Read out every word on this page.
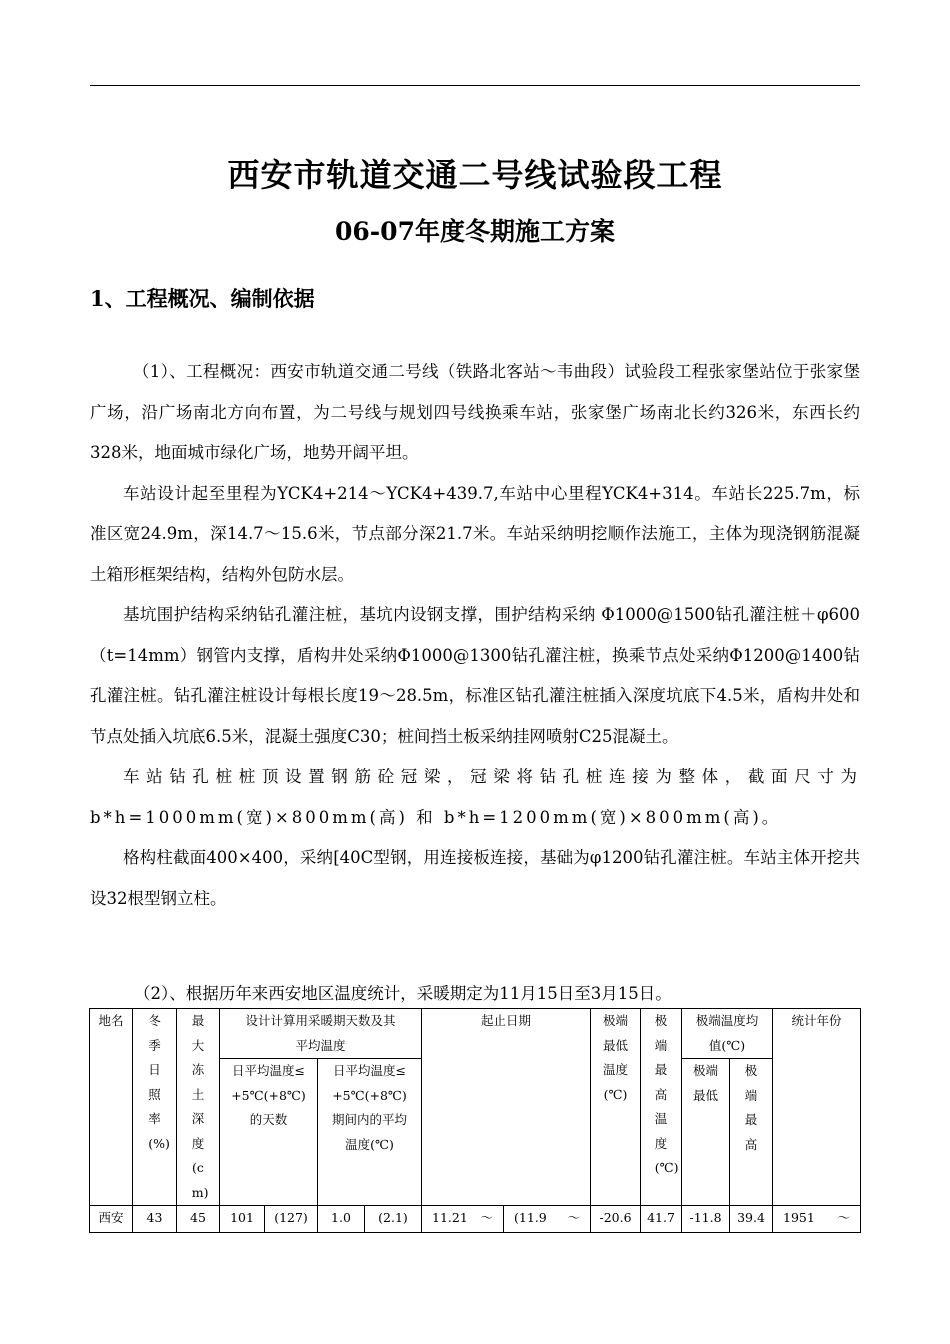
西安市轨道交通二号线试验段工程
06-07年度冬期施工方案
1、工程概况、编制依据

（1）、工程概况：西安市轨道交通二号线（铁路北客站～韦曲段）试验段工程张家堡站位于张家堡广场，沿广场南北方向布置，为二号线与规划四号线换乘车站，张家堡广场南北长约326米，东西长约328米，地面城市绿化广场，地势开阔平坦。

车站设计起至里程为YCK4+214～YCK4+439.7,车站中心里程YCK4+314。车站长225.7m，标准区宽24.9m，深14.7～15.6米，节点部分深21.7米。车站采纳明挖顺作法施工，主体为现浇钢筋混凝土箱形框架结构，结构外包防水层。

基坑围护结构采纳钻孔灌注桩，基坑内设钢支撑，围护结构采纳 Φ1000@1500钻孔灌注桩＋φ600（t=14mm）钢管内支撑，盾构井处采纳Φ1000@1300钻孔灌注桩，换乘节点处采纳Φ1200@1400钻孔灌注桩。钻孔灌注桩设计每根长度19～28.5m，标准区钻孔灌注桩插入深度坑底下4.5米，盾构井处和节点处插入坑底6.5米，混凝土强度C30；桩间挡土板采纳挂网喷射C25混凝土。

车站钻孔桩桩顶设置钢筋砼冠梁，冠梁将钻孔桩连接为整体，截面尺寸为b*h=1000mm(宽)×800mm(高) 和 b*h=1200mm(宽)×800mm(高)。

格构柱截面400×400，采纳[40C型钢，用连接板连接，基础为φ1200钻孔灌注桩。车站主体开挖共设32根型钢立柱。

（2）、根据历年来西安地区温度统计，采暖期定为11月15日至3月15日。
地名	冬季日照率(%)	最大冻土深度(cm)	设计计算用采暖期天数及其平均温度				起止日期		极端最低温度(℃)	极端最高温度(℃)	极端温度均值(℃)		统计年份

			日平均温度≤+5℃(+8℃)的天数		日平均温度≤+5℃(+8℃)期间内的平均温度(℃)						极端最低	极端最高	

西安	43	45	101	(127)	1.0	(2.1)	11.21 ～	(11.9 ～	-20.6	41.7	-11.8	39.4	1951 ～
